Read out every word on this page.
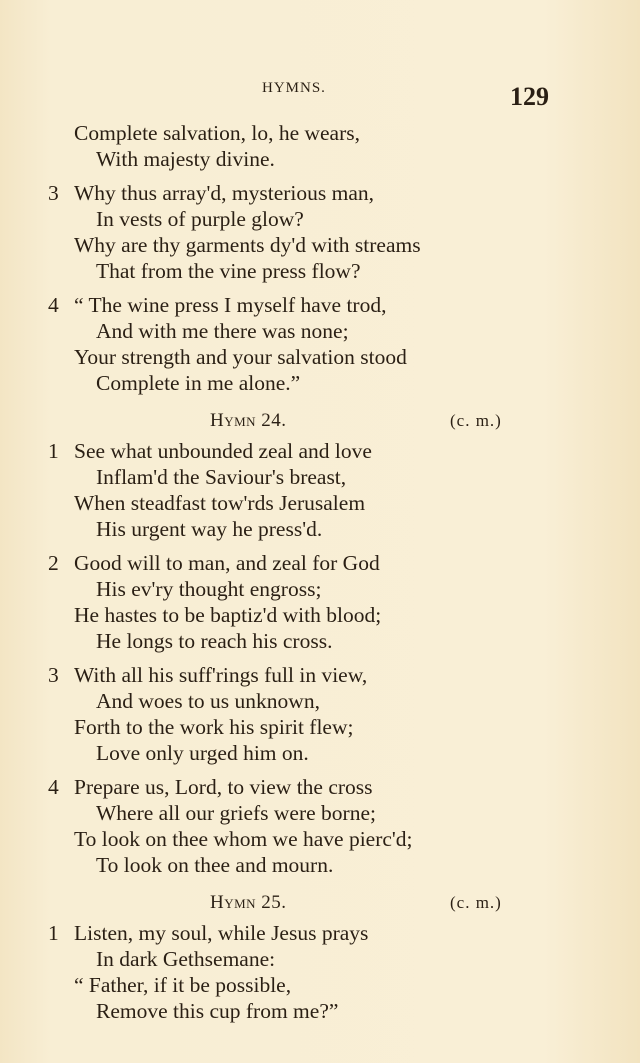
HYMNS.	129
Complete salvation, lo, he wears,
With majesty divine.
3 Why thus array'd, mysterious man,
In vests of purple glow?
Why are thy garments dy'd with streams
That from the vine press flow?
4 “ The wine press I myself have trod,
And with me there was none;
Your strength and your salvation stood
Complete in me alone.”
Hymn 24.	(c. m.)
1 See what unbounded zeal and love
Inflam'd the Saviour's breast,
When steadfast tow'rds Jerusalem
His urgent way he press'd.
2 Good will to man, and zeal for God
His ev'ry thought engross;
He hastes to be baptiz'd with blood;
He longs to reach his cross.
3 With all his suff'rings full in view,
And woes to us unknown,
Forth to the work his spirit flew;
Love only urged him on.
4 Prepare us, Lord, to view the cross
Where all our griefs were borne;
To look on thee whom we have pierc'd;
To look on thee and mourn.
Hymn 25.	(c. m.)
1 Listen, my soul, while Jesus prays
In dark Gethsemane:
“ Father, if it be possible,
Remove this cup from me?”
